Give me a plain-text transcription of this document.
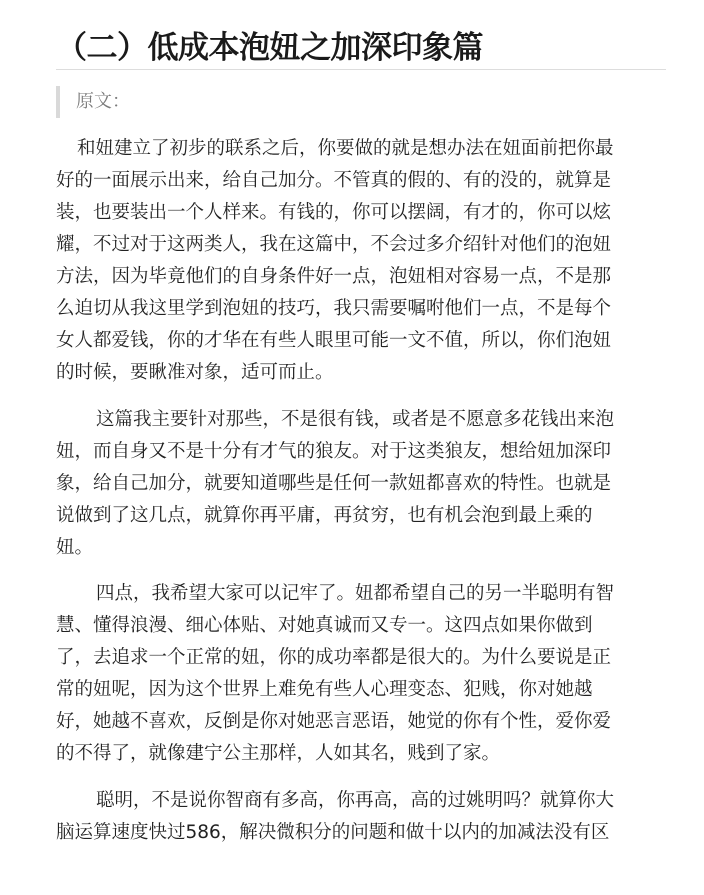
（二）低成本泡妞之加深印象篇
原文：

和妞建立了初步的联系之后，你要做的就是想办法在妞面前把你最
好的一面展示出来，给自己加分。不管真的假的、有的没的，就算是
装，也要装出一个人样来。有钱的，你可以摆阔，有才的，你可以炫
耀，不过对于这两类人，我在这篇中，不会过多介绍针对他们的泡妞
方法，因为毕竟他们的自身条件好一点，泡妞相对容易一点，不是那
么迫切从我这里学到泡妞的技巧，我只需要嘱咐他们一点，不是每个
女人都爱钱，你的才华在有些人眼里可能一文不值，所以，你们泡妞
的时候，要瞅准对象，适可而止。

这篇我主要针对那些，不是很有钱，或者是不愿意多花钱出来泡
妞，而自身又不是十分有才气的狼友。对于这类狼友，想给妞加深印
象，给自己加分，就要知道哪些是任何一款妞都喜欢的特性。也就是
说做到了这几点，就算你再平庸，再贫穷，也有机会泡到最上乘的
妞。

四点，我希望大家可以记牢了。妞都希望自己的另一半聪明有智
慧、懂得浪漫、细心体贴、对她真诚而又专一。这四点如果你做到
了，去追求一个正常的妞，你的成功率都是很大的。为什么要说是正
常的妞呢，因为这个世界上难免有些人心理变态、犯贱，你对她越
好，她越不喜欢，反倒是你对她恶言恶语，她觉的你有个性，爱你爱
的不得了，就像建宁公主那样，人如其名，贱到了家。

聪明，不是说你智商有多高，你再高，高的过姚明吗？就算你大
脑运算速度快过586，解决微积分的问题和做十以内的加减法没有区
